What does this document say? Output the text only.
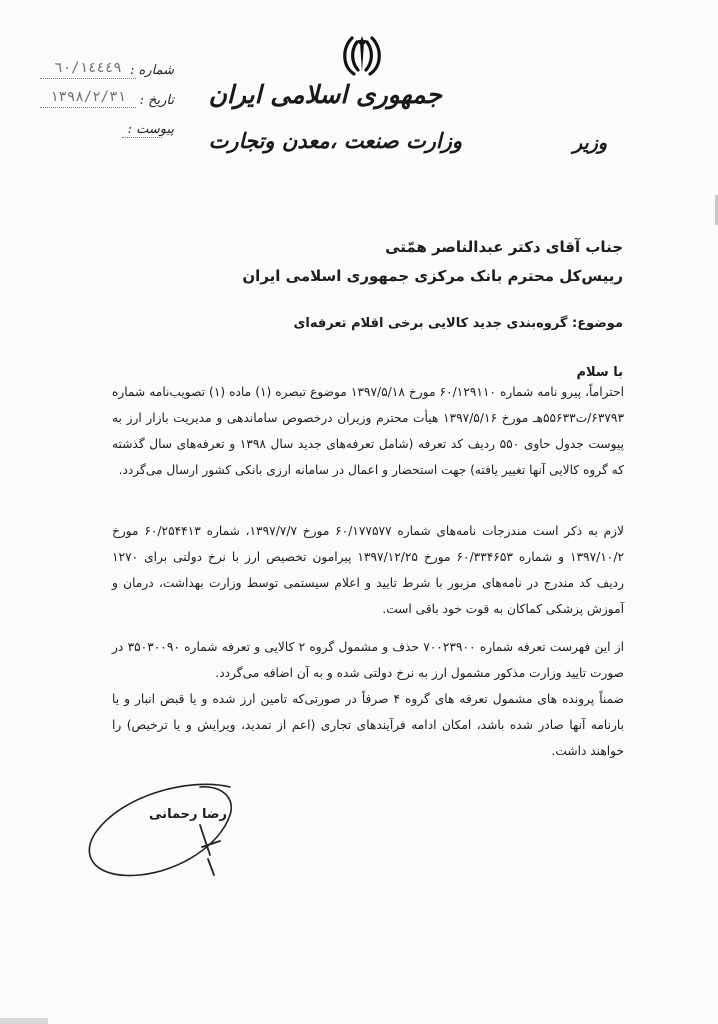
جمهوری اسلامی ایران
وزارت صنعت ،معدن وتجارت	وزیر
شماره :
٦٠/١٤٤٤٩
تاریخ :
١٣٩٨/٢/٣١
پیوست :
جناب آقای دکتر عبدالناصر همّتی
رییس‌کل محترم بانک مرکزی جمهوری اسلامی ایران
موضوع: گروه‌بندی جدید کالایی برخی اقلام تعرفه‌ای
با سلام

احتراماً، پیرو نامه شماره ۶۰/۱۲۹۱۱۰ مورخ ۱۳۹۷/۵/۱۸ موضوع تبصره (۱) ماده (۱) تصویب‌نامه شماره ۶۳۷۹۳/ت۵۵۶۳۳هـ مورخ ۱۳۹۷/۵/۱۶ هیأت محترم وزیران درخصوص ساماندهی و مدیریت بازار ارز به پیوست جدول حاوی ۵۵۰ ردیف کد تعرفه (شامل تعرفه‌های جدید سال ۱۳۹۸ و تعرفه‌های سال گذشته که گروه کالایی آنها تغییر یافته) جهت استحضار و اعمال در سامانه ارزی بانکی کشور ارسال می‌گردد.

لازم به ذکر است مندرجات نامه‌های شماره ۶۰/۱۷۷۵۷۷ مورخ ۱۳۹۷/۷/۷، شماره ۶۰/۲۵۴۴۱۳ مورخ ۱۳۹۷/۱۰/۲ و شماره ۶۰/۳۳۴۶۵۳ مورخ ۱۳۹۷/۱۲/۲۵ پیرامون تخصیص ارز با نرخ دولتی برای ۱۲۷۰ ردیف کد مندرج در نامه‌های مزبور با شرط تایید و اعلام سیستمی توسط وزارت بهداشت، درمان و آموزش پزشکی کماکان به قوت خود باقی است.

از این فهرست تعرفه شماره ۷۰۰۲۳۹۰۰ حذف و مشمول گروه ۲ کالایی و تعرفه شماره ۳۵۰۳۰۰۹۰ در صورت تایید وزارت مذکور مشمول ارز به نرخ دولتی شده و به آن اضافه می‌گردد.

ضمناً پرونده های مشمول تعرفه های گروه ۴ صرفاً در صورتی‌که تامین ارز شده و یا قبض انبار و یا بارنامه آنها صادر شده باشد، امکان ادامه فرآیندهای تجاری (اعم از تمدید، ویرایش و یا ترخیص) را خواهند داشت.

رضا رحمانی
